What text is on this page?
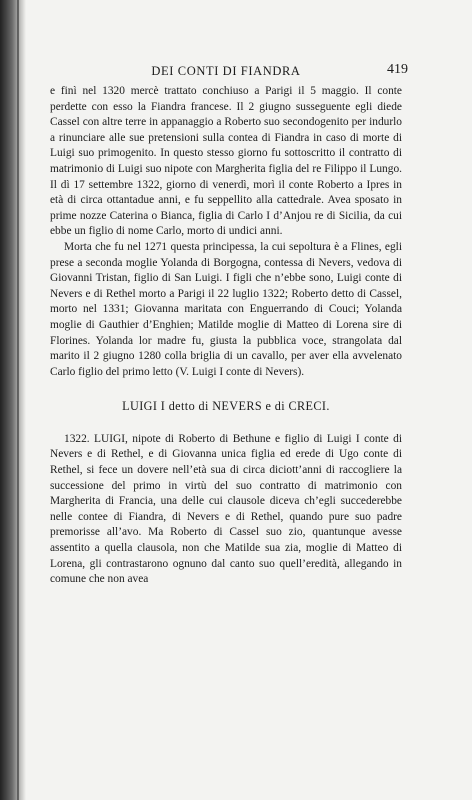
DEI CONTI DI FIANDRA	419

e finì nel 1320 mercè trattato conchiuso a Parigi il 5 maggio. Il conte perdette con esso la Fiandra francese. Il 2 giugno susseguente egli diede Cassel con altre terre in appanaggio a Roberto suo secondogenito per indurlo a rinunciare alle sue pretensioni sulla contea di Fiandra in caso di morte di Luigi suo primogenito. In questo stesso giorno fu sottoscritto il contratto di matrimonio di Luigi suo nipote con Margherita figlia del re Filippo il Lungo. Il dì 17 settembre 1322, giorno di venerdì, morì il conte Roberto a Ipres in età di circa ottantadue anni, e fu seppellito alla cattedrale. Avea sposato in prime nozze Caterina o Bianca, figlia di Carlo I d’Anjou re di Sicilia, da cui ebbe un figlio di nome Carlo, morto di undici anni.

Morta che fu nel 1271 questa principessa, la cui sepoltura è a Flines, egli prese a seconda moglie Yolanda di Borgogna, contessa di Nevers, vedova di Giovanni Tristan, figlio di San Luigi. I figli che n’ebbe sono, Luigi conte di Nevers e di Rethel morto a Parigi il 22 luglio 1322; Roberto detto di Cassel, morto nel 1331; Giovanna maritata con Enguerrando di Couci; Yolanda moglie di Gauthier d’Enghien; Matilde moglie di Matteo di Lorena sire di Florines. Yolanda lor madre fu, giusta la pubblica voce, strangolata dal marito il 2 giugno 1280 colla briglia di un cavallo, per aver ella avvelenato Carlo figlio del primo letto (V. Luigi I conte di Nevers).

LUIGI I detto di NEVERS e di CRECI.

1322. LUIGI, nipote di Roberto di Bethune e figlio di Luigi I conte di Nevers e di Rethel, e di Giovanna unica figlia ed erede di Ugo conte di Rethel, si fece un dovere nell’età sua di circa diciott’anni di raccogliere la successione del primo in virtù del suo contratto di matrimonio con Margherita di Francia, una delle cui clausole diceva ch’egli succederebbe nelle contee di Fiandra, di Nevers e di Rethel, quando pure suo padre premorisse all’avo. Ma Roberto di Cassel suo zio, quantunque avesse assentito a quella clausola, non che Matilde sua zia, moglie di Matteo di Lorena, gli contrastarono ognuno dal canto suo quell’eredità, allegando in comune che non avea
